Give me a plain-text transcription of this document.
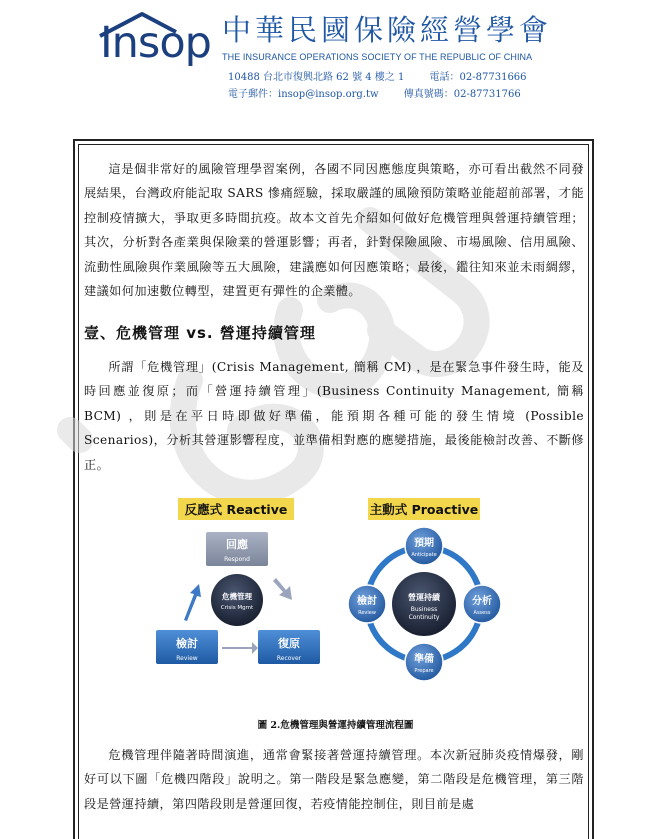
Insop 中華民國保險經營學會
THE INSURANCE OPERATIONS SOCIETY OF THE REPUBLIC OF CHINA
10488 台北市復興北路 62 號 4 樓之 1	電話：02-87731666
電子郵件：insop@insop.org.tw	傳真號碼：02-87731766

這是個非常好的風險管理學習案例，各國不同因應態度與策略，亦可看出截然不同發展結果，台灣政府能記取 SARS 慘痛經驗，採取嚴謹的風險預防策略並能超前部署，才能控制疫情擴大，爭取更多時間抗疫。故本文首先介紹如何做好危機管理與營運持續管理；其次，分析對各產業與保險業的營運影響；再者，針對保險風險、市場風險、信用風險、流動性風險與作業風險等五大風險，建議應如何因應策略；最後，鑑往知來並未雨綢繆，建議如何加速數位轉型，建置更有彈性的企業體。

壹、危機管理 vs. 營運持續管理

所謂「危機管理」(Crisis Management, 簡稱 CM) ，是在緊急事件發生時，能及時回應並復原；而「營運持續管理」(Business Continuity Management, 簡稱 BCM) ，則是在平日時即做好準備，能預期各種可能的發生情境 (Possible Scenarios)，分析其營運影響程度，並準備相對應的應變措施，最後能檢討改善、不斷修正。

反應式 Reactive
回應
Respond
危機管理
Crisis Mgmt
檢討
Review
復原
Recover
主動式 Proactive
營運持續
Business
Continuity
預期
Anticipate
分析
Assess
準備
Prepare
檢討
Review
圖 2.危機管理與營運持續管理流程圖

危機管理伴隨著時間演進，通常會緊接著營運持續管理。本次新冠肺炎疫情爆發，剛好可以下圖「危機四階段」說明之。第一階段是緊急應變，第二階段是危機管理，第三階段是營運持續，第四階段則是營運回復，若疫情能控制住，則目前是處
